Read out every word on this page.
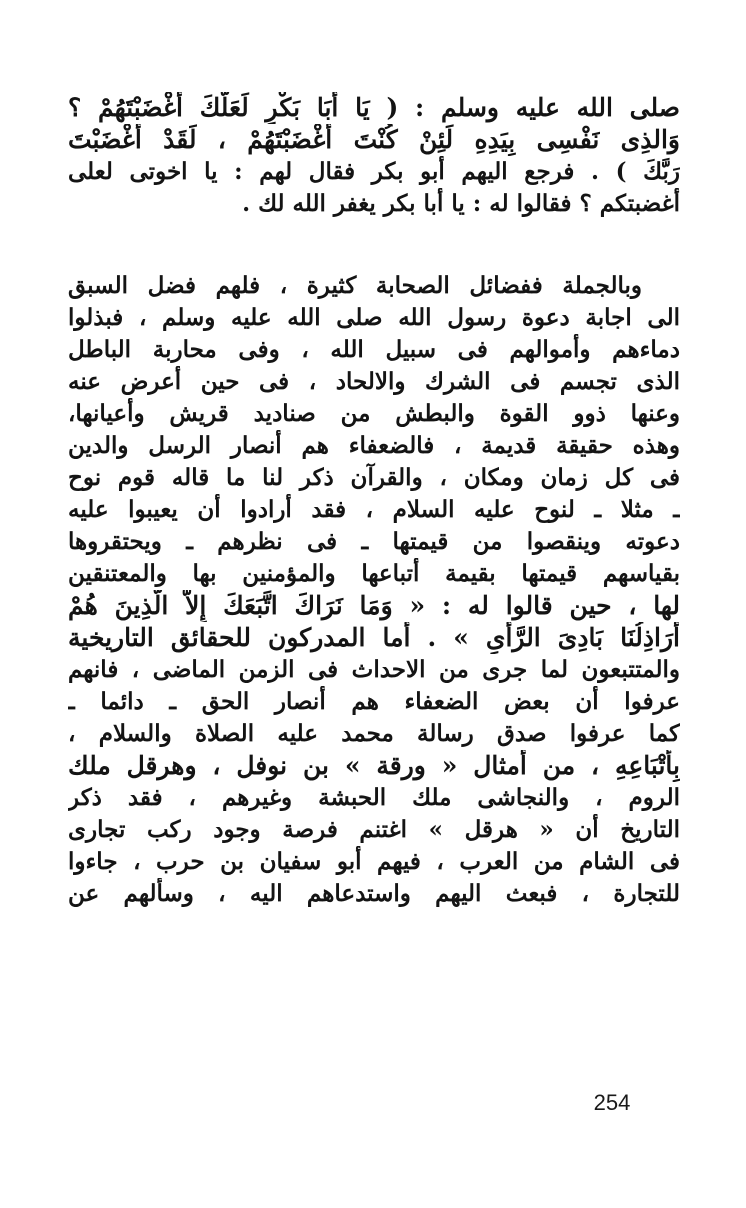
صلى الله عليه وسلم : ( يَا أَبَا بَكْرٍ لَعَلَّكَ أَغْضَبْتَهُمْ ؟
وَالذِى نَفْسِى بِيَدِهِ لَئِنْ كُنْتَ أَغْضَبْتَهُمْ ، لَقَدْ أَغْضَبْتَ
رَبَّكَ ) . فرجع اليهم أبو بكر فقال لهم : يا اخوتى لعلى
أغضبتكم ؟ فقالوا له : يا أبا بكر يغفر الله لك .
وبالجملة ففضائل الصحابة كثيرة ، فلهم فضل السبق
الى اجابة دعوة رسول الله صلى الله عليه وسلم ، فبذلوا
دماءهم وأموالهم فى سبيل الله ، وفى محاربة الباطل
الذى تجسم فى الشرك والالحاد ، فى حين أعرض عنه
وعنها ذوو القوة والبطش من صناديد قريش وأعيانها،
وهذه حقيقة قديمة ، فالضعفاء هم أنصار الرسل والدين
فى كل زمان ومكان ، والقرآن ذكر لنا ما قاله قوم نوح
ـ مثلا ـ لنوح عليه السلام ، فقد أرادوا أن يعيبوا عليه
دعوته وينقصوا من قيمتها ـ فى نظرهم ـ ويحتقروها
بقياسهم قيمتها بقيمة أتباعها والمؤمنين بها والمعتنقين
لها ، حين قالوا له : « وَمَا نَرَاكَ اتَّبَعَكَ إِلاَّ الَّذِينَ هُمْ
أَرَاذِلُنَا بَادِىَ الرَّأْىِ » . أما المدركون للحقائق التاريخية
والمتتبعون لما جرى من الاحداث فى الزمن الماضى ، فانهم
عرفوا أن بعض الضعفاء هم أنصار الحق ـ دائما ـ
كما عرفوا صدق رسالة محمد عليه الصلاة والسلام ،
بِأَتْبَاعِهِ ، من أمثال « ورقة » بن نوفل ، وهرقل ملك
الروم ، والنجاشى ملك الحبشة وغيرهم ، فقد ذكر
التاريخ أن « هرقل » اغتنم فرصة وجود ركب تجارى
فى الشام من العرب ، فيهم أبو سفيان بن حرب ، جاءوا
للتجارة ، فبعث اليهم واستدعاهم اليه ، وسألهم عن
254
